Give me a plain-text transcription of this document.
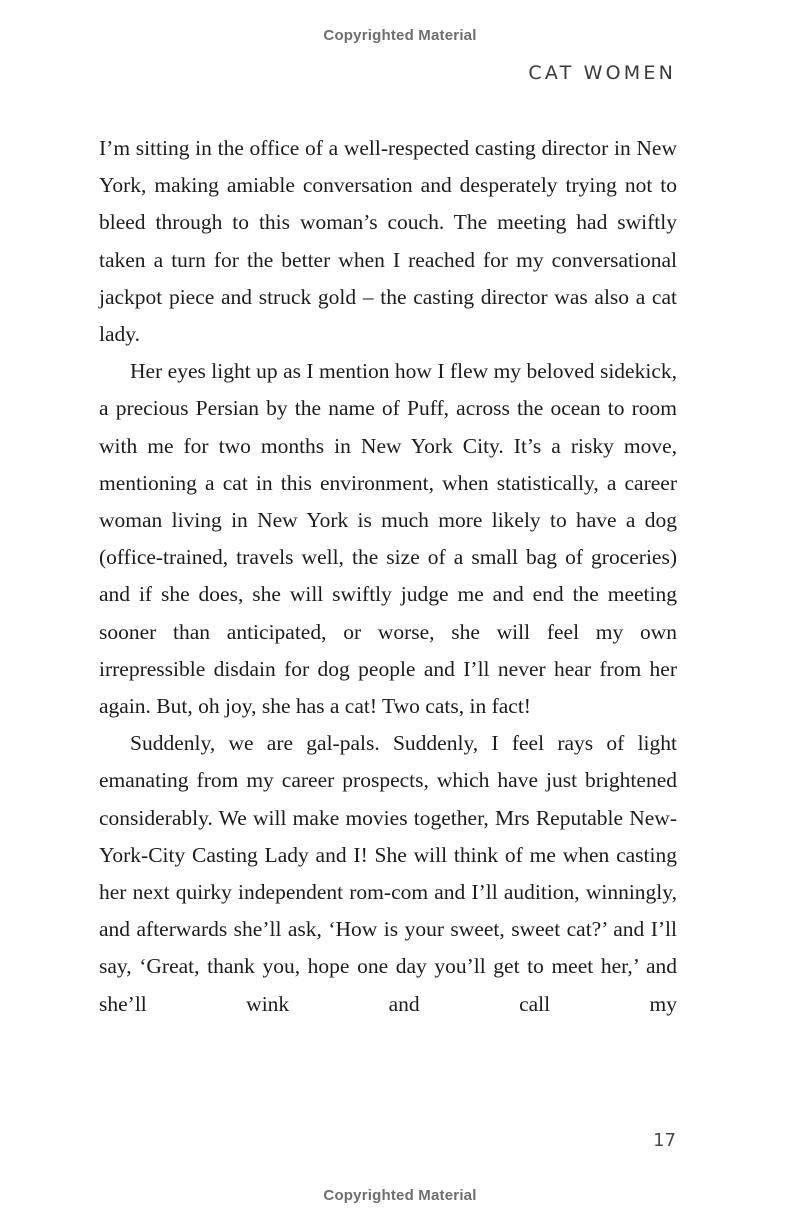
Copyrighted Material
CAT WOMEN

I’m sitting in the office of a well-respected casting director in New York, making amiable conversation and desperately trying not to bleed through to this woman’s couch. The meeting had swiftly taken a turn for the better when I reached for my conversational jackpot piece and struck gold – the casting director was also a cat lady.

Her eyes light up as I mention how I flew my beloved sidekick, a precious Persian by the name of Puff, across the ocean to room with me for two months in New York City. It’s a risky move, mentioning a cat in this environment, when statistically, a career woman living in New York is much more likely to have a dog (office-trained, travels well, the size of a small bag of groceries) and if she does, she will swiftly judge me and end the meeting sooner than anticipated, or worse, she will feel my own irrepressible disdain for dog people and I’ll never hear from her again. But, oh joy, she has a cat! Two cats, in fact!

Suddenly, we are gal-pals. Suddenly, I feel rays of light emanating from my career prospects, which have just brightened considerably. We will make movies together, Mrs Reputable New-York-City Casting Lady and I! She will think of me when casting her next quirky independent rom-com and I’ll audition, winningly, and afterwards she’ll ask, ‘How is your sweet, sweet cat?’ and I’ll say, ‘Great, thank you, hope one day you’ll get to meet her,’ and she’ll wink and call my

17
Copyrighted Material
